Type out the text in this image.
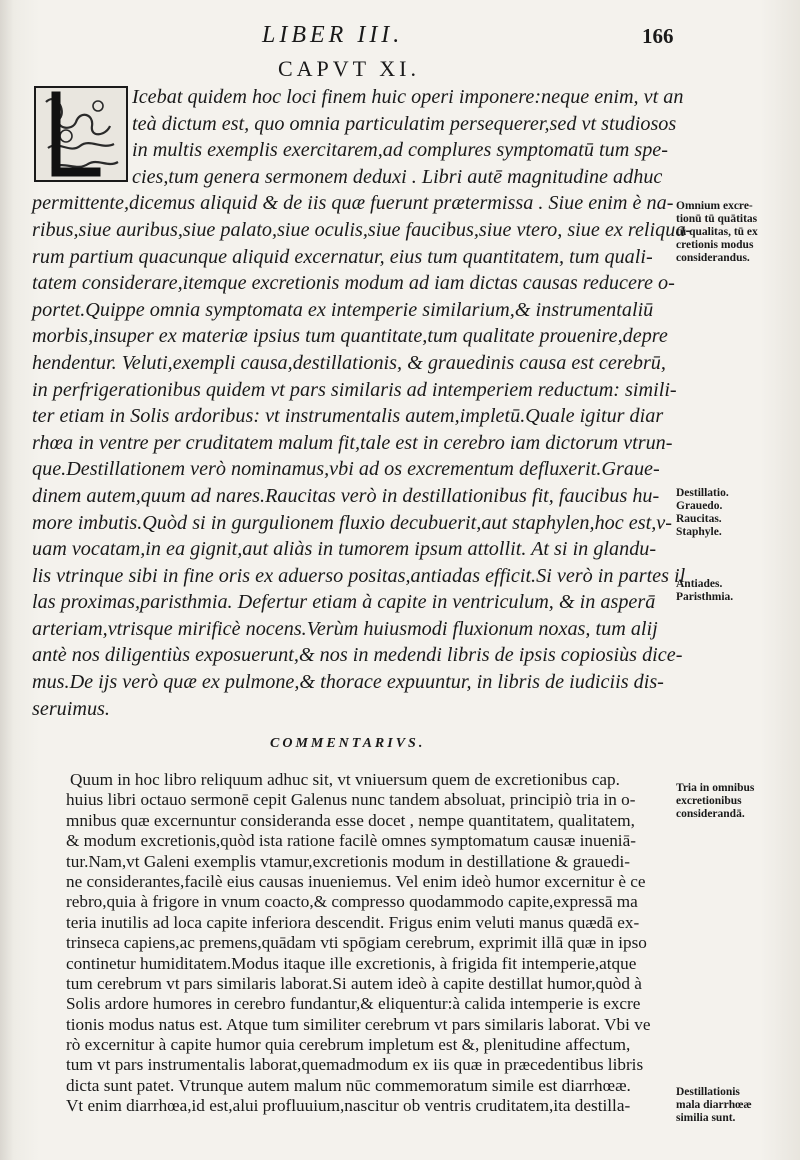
LIBER III.	166
CAPVT XI.
Icebat quidem hoc loci finem huic operi imponere:neque enim, vt an
teà dictum est, quo omnia particulatim persequerer,sed vt studiosos
in multis exemplis exercitarem,ad complures symptomatū tum spe-
cies,tum genera sermonem deduxi . Libri autē magnitudine adhuc
permittente,dicemus aliquid & de iis quæ fuerunt prætermissa . Siue enim è na-
ribus,siue auribus,siue palato,siue oculis,siue faucibus,siue vtero, siue ex reliqua-
rum partium quacunque aliquid excernatur, eius tum quantitatem, tum quali-
tatem considerare,itemque excretionis modum ad iam dictas causas reducere o-
portet.Quippe omnia symptomata ex intemperie similarium,& instrumentaliū
morbis,insuper ex materiæ ipsius tum quantitate,tum qualitate prouenire,depre
hendentur. Veluti,exempli causa,destillationis, & grauedinis causa est cerebrū,
in perfrigerationibus quidem vt pars similaris ad intemperiem reductum: simili-
ter etiam in Solis ardoribus: vt instrumentalis autem,impletū.Quale igitur diar
rhœa in ventre per cruditatem malum fit,tale est in cerebro iam dictorum vtrun-
que.Destillationem verò nominamus,vbi ad os excrementum defluxerit.Graue-
dinem autem,quum ad nares.Raucitas verò in destillationibus fit, faucibus hu-
more imbutis.Quòd si in gurgulionem fluxio decubuerit,aut staphylen,hoc est,v-
uam vocatam,in ea gignit,aut aliàs in tumorem ipsum attollit. At si in glandu-
lis vtrinque sibi in fine oris ex aduerso positas,antiadas efficit.Si verò in partes il
las proximas,paristhmia. Defertur etiam à capite in ventriculum, & in asperā
arteriam,vtrisque mirificè nocens.Verùm huiusmodi fluxionum noxas, tum alij
antè nos diligentiùs exposuerunt,& nos in medendi libris de ipsis copiosiùs dice-
mus.De ijs verò quæ ex pulmone,& thorace expuuntur, in libris de iudiciis dis-
seruimus.
COMMENTARIVS.
Quum in hoc libro reliquum adhuc sit, vt vniuersum quem de excretionibus cap.
huius libri octauo sermonē cepit Galenus nunc tandem absoluat, principiò tria in o-
mnibus quæ excernuntur consideranda esse docet , nempe quantitatem, qualitatem,
& modum excretionis,quòd ista ratione facilè omnes symptomatum causæ inueniā-
tur.Nam,vt Galeni exemplis vtamur,excretionis modum in destillatione & grauedi-
ne considerantes,facilè eius causas inueniemus. Vel enim ideò humor excernitur è ce
rebro,quia à frigore in vnum coacto,& compresso quodammodo capite,expressā ma
teria inutilis ad loca capite inferiora descendit. Frigus enim veluti manus quædā ex-
trinseca capiens,ac premens,quādam vti spōgiam cerebrum, exprimit illā quæ in ipso
continetur humiditatem.Modus itaque ille excretionis, à frigida fit intemperie,atque
tum cerebrum vt pars similaris laborat.Si autem ideò à capite destillat humor,quòd à
Solis ardore humores in cerebro fundantur,& eliquentur:à calida intemperie is excre
tionis modus natus est. Atque tum similiter cerebrum vt pars similaris laborat. Vbi ve
rò excernitur à capite humor quia cerebrum impletum est &, plenitudine affectum,
tum vt pars instrumentalis laborat,quemadmodum ex iis quæ in præcedentibus libris
dicta sunt patet. Vtrunque autem malum nūc commemoratum simile est diarrhœæ.
Vt enim diarrhœa,id est,alui profluuium,nascitur ob ventris cruditatem,ita destilla-
Omnium excre-
tionū tū quātitas
tū qualitas, tū ex
cretionis modus
considerandus.
Destillatio.
Grauedo.
Raucitas.
Staphyle.
Antiades.
Paristhmia.
Tria in omnibus
excretionibus
considerandā.
Destillationis
mala diarrhœæ
similia sunt.
